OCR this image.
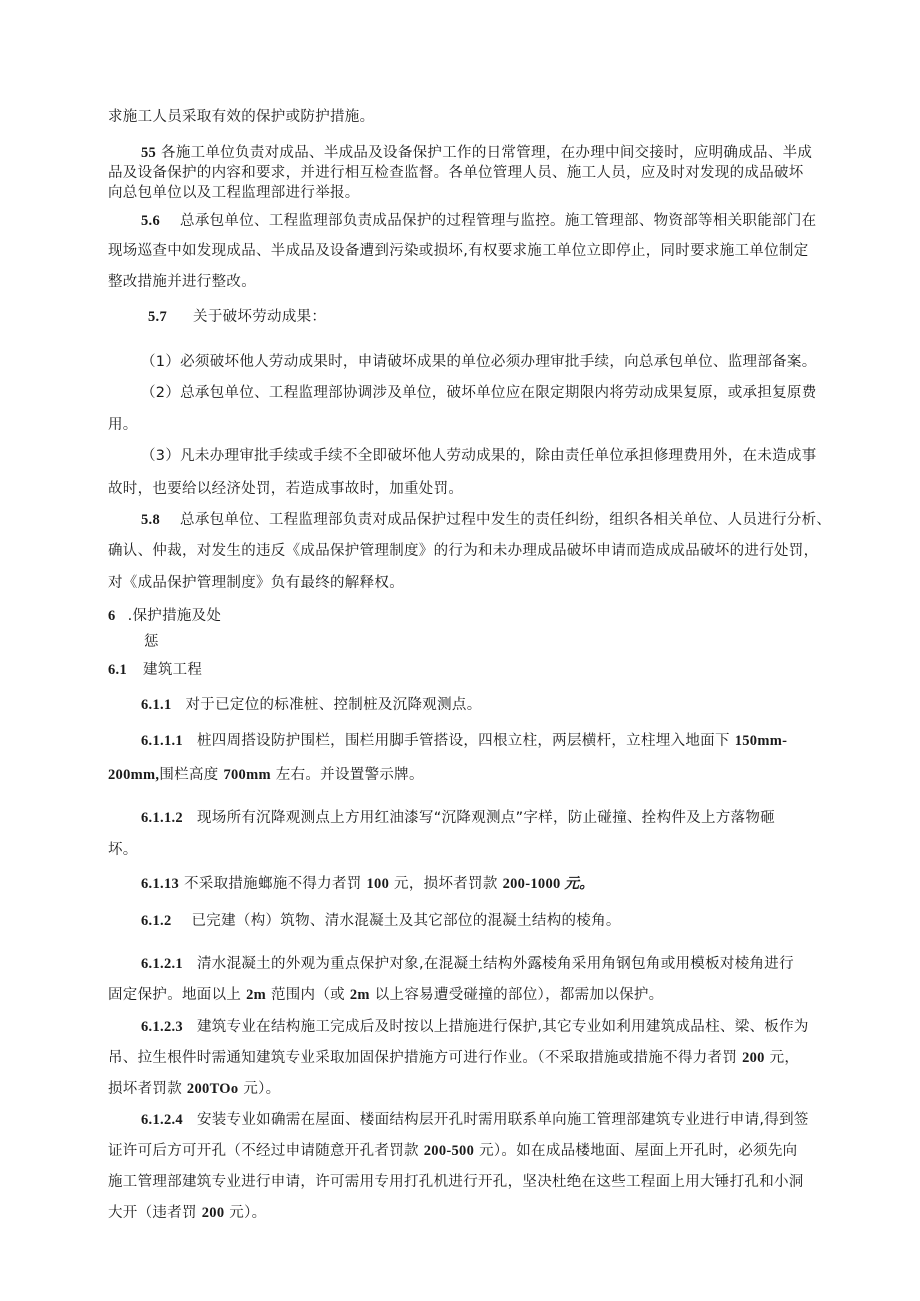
求施工人员采取有效的保护或防护措施。
55 各施工单位负责对成品、半成品及设备保护工作的日常管理，在办理中间交接时，应明确成品、半成
品及设备保护的内容和要求，并进行相互检查监督。各单位管理人员、施工人员，应及时对发现的成品破坏
向总包单位以及工程监理部进行举报。
5.6 总承包单位、工程监理部负责成品保护的过程管理与监控。施工管理部、物资部等相关职能部门在
现场巡查中如发现成品、半成品及设备遭到污染或损坏,有权要求施工单位立即停止，同时要求施工单位制定
整改措施并进行整改。
5.7 关于破坏劳动成果：
（1）必须破坏他人劳动成果时，申请破坏成果的单位必须办理审批手续，向总承包单位、监理部备案。
（2）总承包单位、工程监理部协调涉及单位，破坏单位应在限定期限内将劳动成果复原，或承担复原费
用。
（3）凡未办理审批手续或手续不全即破坏他人劳动成果的，除由责任单位承担修理费用外，在未造成事
故时，也要给以经济处罚，若造成事故时，加重处罚。
5.8 总承包单位、工程监理部负责对成品保护过程中发生的责任纠纷，组织各相关单位、人员进行分析、
确认、仲裁，对发生的违反《成品保护管理制度》的行为和未办理成品破坏申请而造成成品破坏的进行处罚，
对《成品保护管理制度》负有最终的解释权。
6 .保护措施及处
惩
6.1 建筑工程
6.1.1 对于已定位的标准桩、控制桩及沉降观测点。
6.1.1.1 桩四周搭设防护围栏，围栏用脚手管搭设，四根立柱，两层横杆，立柱埋入地面下 150mm-
200mm,围栏高度 700mm 左右。并设置警示牌。
6.1.1.2 现场所有沉降观测点上方用红油漆写“沉降观测点”字样，防止碰撞、拴构件及上方落物砸
坏。
6.1.13 不采取措施螂施不得力者罚 100 元，损坏者罚款 200-1000 元。
6.1.2 已完建（构）筑物、清水混凝土及其它部位的混凝土结构的棱角。
6.1.2.1 清水混凝土的外观为重点保护对象,在混凝土结构外露棱角采用角钢包角或用模板对棱角进行
固定保护。地面以上 2m 范围内（或 2m 以上容易遭受碰撞的部位），都需加以保护。
6.1.2.3 建筑专业在结构施工完成后及时按以上措施进行保护,其它专业如利用建筑成品柱、梁、板作为
吊、拉生根件时需通知建筑专业采取加固保护措施方可进行作业。（不采取措施或措施不得力者罚 200 元，
损坏者罚款 200TOo 元）。
6.1.2.4 安装专业如确需在屋面、楼面结构层开孔时需用联系单向施工管理部建筑专业进行申请,得到签
证许可后方可开孔（不经过申请随意开孔者罚款 200-500 元）。如在成品楼地面、屋面上开孔时，必须先向
施工管理部建筑专业进行申请，许可需用专用打孔机进行开孔，坚决杜绝在这些工程面上用大锤打孔和小洞
大开（违者罚 200 元）。
